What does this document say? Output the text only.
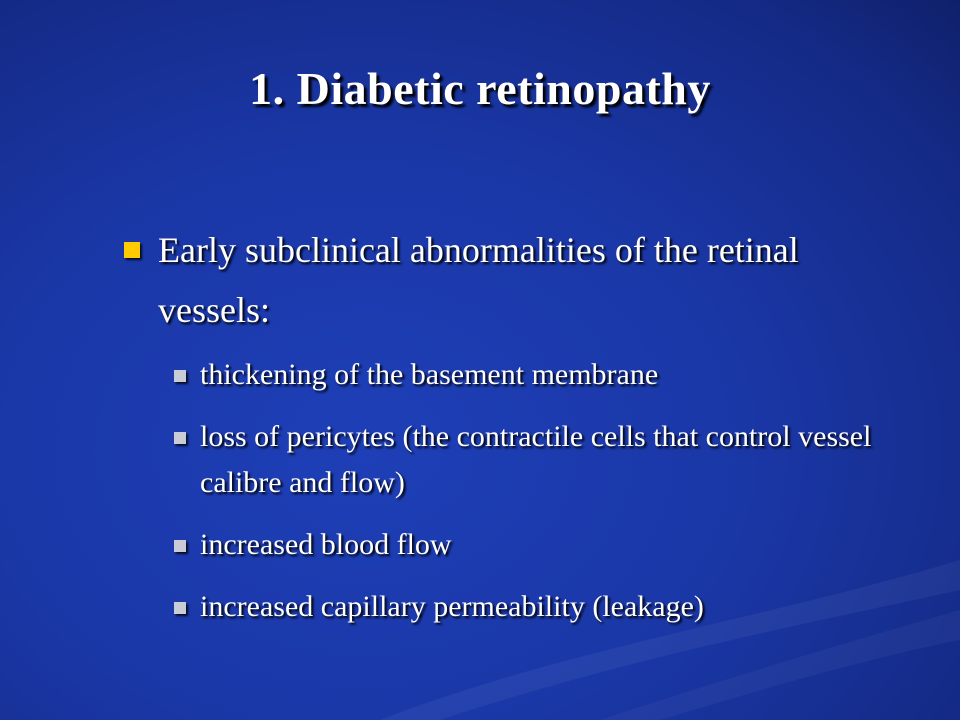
1. Diabetic retinopathy
Early subclinical abnormalities of the retinal vessels:
thickening of the basement membrane
loss of pericytes (the contractile cells that control vessel calibre and flow)
increased blood flow
increased capillary permeability (leakage)
